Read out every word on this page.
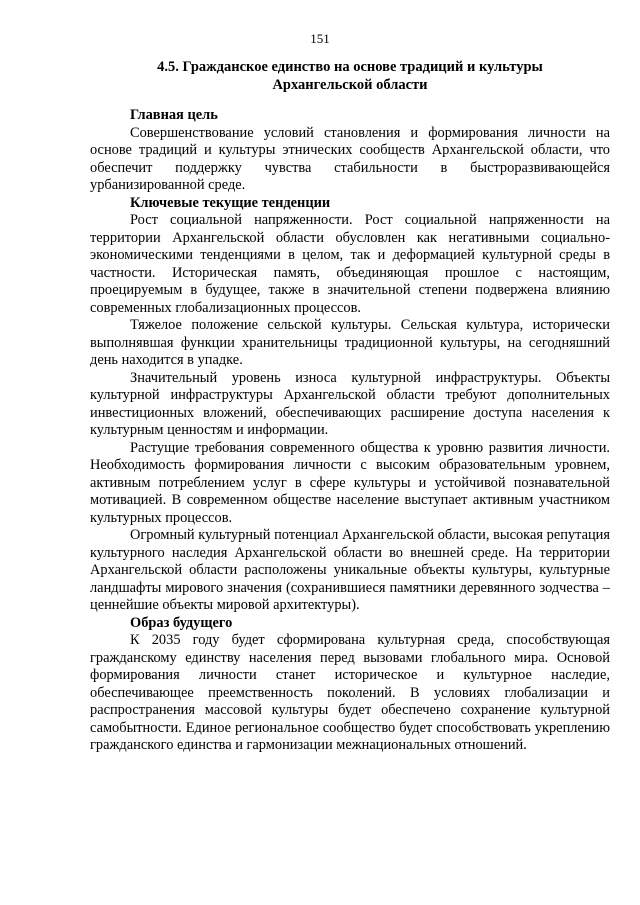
151
4.5. Гражданское единство на основе традиций и культуры
Архангельской области
Главная цель

Совершенствование условий становления и формирования личности на основе традиций и культуры этнических сообществ Архангельской области, что обеспечит поддержку чувства стабильности в быстроразвивающейся урбанизированной среде.

Ключевые текущие тенденции

Рост социальной напряженности. Рост социальной напряженности на территории Архангельской области обусловлен как негативными социально-экономическими тенденциями в целом, так и деформацией культурной среды в частности. Историческая память, объединяющая прошлое с настоящим, проецируемым в будущее, также в значительной степени подвержена влиянию современных глобализационных процессов.

Тяжелое положение сельской культуры. Сельская культура, исторически выполнявшая функции хранительницы традиционной культуры, на сегодняшний день находится в упадке.

Значительный уровень износа культурной инфраструктуры. Объекты культурной инфраструктуры Архангельской области требуют дополнительных инвестиционных вложений, обеспечивающих расширение доступа населения к культурным ценностям и информации.

Растущие требования современного общества к уровню развития личности. Необходимость формирования личности с высоким образовательным уровнем, активным потреблением услуг в сфере культуры и устойчивой познавательной мотивацией. В современном обществе население выступает активным участником культурных процессов.

Огромный культурный потенциал Архангельской области, высокая репутация культурного наследия Архангельской области во внешней среде. На территории Архангельской области расположены уникальные объекты культуры, культурные ландшафты мирового значения (сохранившиеся памятники деревянного зодчества – ценнейшие объекты мировой архитектуры).

Образ будущего

К 2035 году будет сформирована культурная среда, способствующая гражданскому единству населения перед вызовами глобального мира. Основой формирования личности станет историческое и культурное наследие, обеспечивающее преемственность поколений. В условиях глобализации и распространения массовой культуры будет обеспечено сохранение культурной самобытности. Единое региональное сообщество будет способствовать укреплению гражданского единства и гармонизации межнациональных отношений.
